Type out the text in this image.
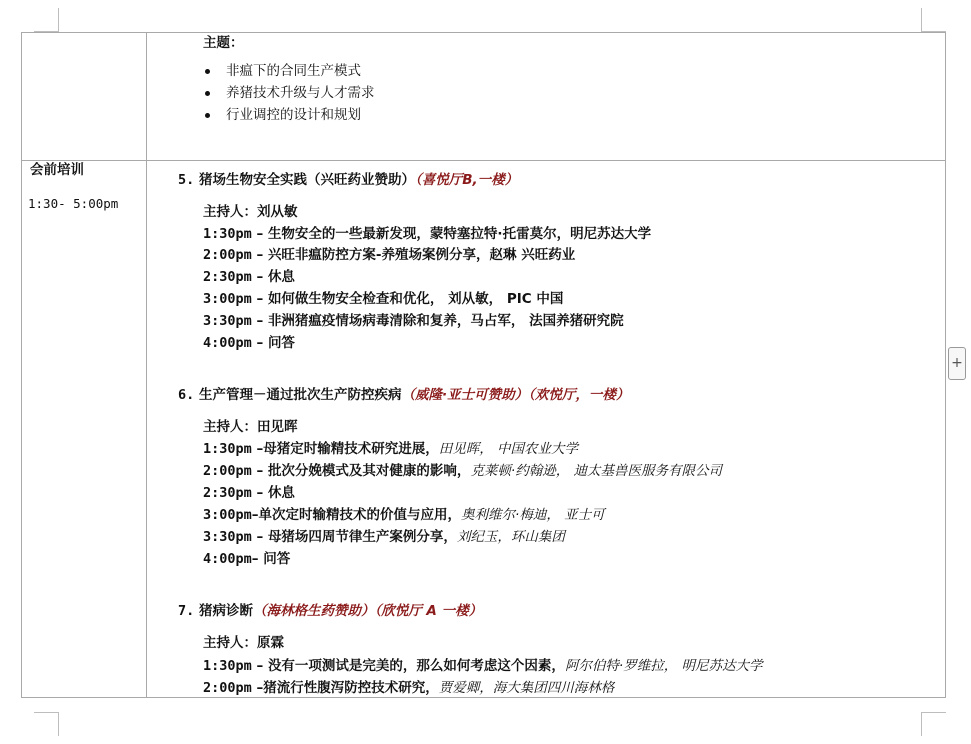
主题：
非瘟下的合同生产模式
养猪技术升级与人才需求
行业调控的设计和规划
会前培训
1:30- 5:00pm
5. 猪场生物安全实践（兴旺药业赞助）（喜悦厅B,一楼）
主持人：刘从敏
1:30pm – 生物安全的一些最新发现，蒙特塞拉特·托雷莫尔，明尼苏达大学
2:00pm – 兴旺非瘟防控方案-养殖场案例分享，赵琳 兴旺药业
2:30pm – 休息
3:00pm – 如何做生物安全检查和优化， 刘从敏， PIC 中国
3:30pm – 非洲猪瘟疫情场病毒清除和复养，马占军， 法国养猪研究院
4:00pm – 问答
6. 生产管理－通过批次生产防控疾病（威隆·亚士可赞助）（欢悦厅，一楼）
主持人：田见晖
1:30pm –母猪定时输精技术研究进展，田见晖， 中国农业大学
2:00pm – 批次分娩模式及其对健康的影响，克莱顿·约翰逊， 迪太基兽医服务有限公司
2:30pm – 休息
3:00pm–单次定时输精技术的价值与应用，奥利维尔·梅迪， 亚士可
3:30pm – 母猪场四周节律生产案例分享，刘纪玉，环山集团
4:00pm– 问答
7. 猪病诊断（海林格生药赞助）（欣悦厅 A 一楼）
主持人：原霖
1:30pm – 没有一项测试是完美的，那么如何考虑这个因素，阿尔伯特·罗维拉， 明尼苏达大学
2:00pm –猪流行性腹泻防控技术研究，贾爱卿，海大集团四川海林格
+
